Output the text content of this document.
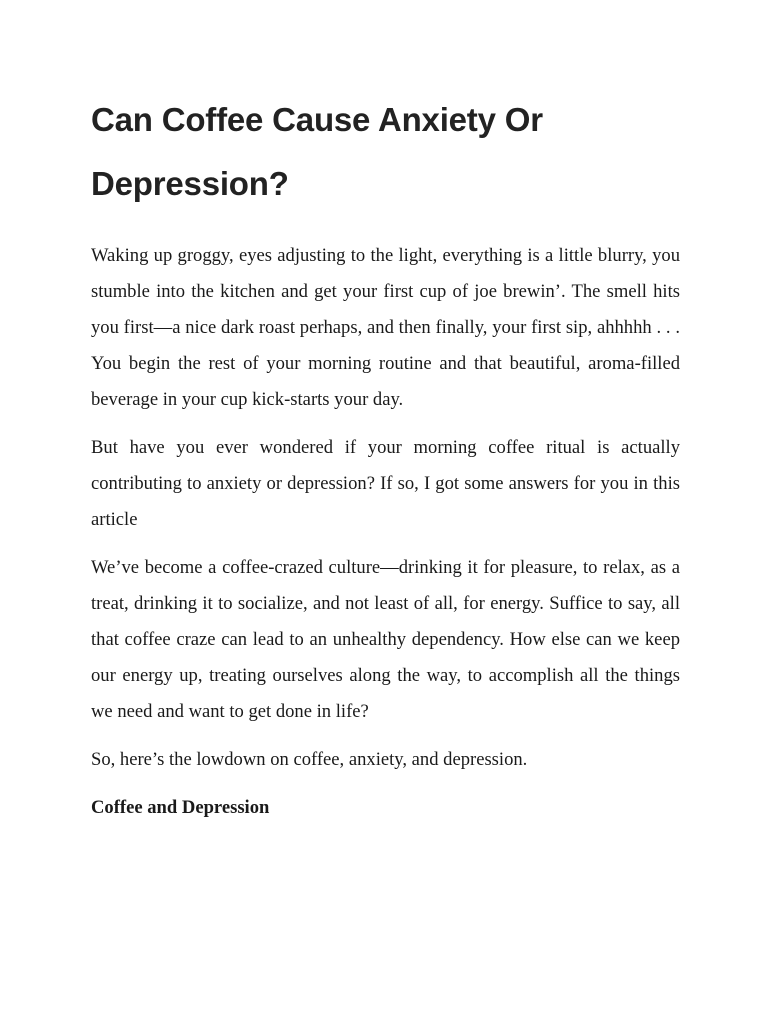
Can Coffee Cause Anxiety Or Depression?

Waking up groggy, eyes adjusting to the light, everything is a little blurry, you stumble into the kitchen and get your first cup of joe brewin’. The smell hits you first—a nice dark roast perhaps, and then finally, your first sip, ahhhhh . . . You begin the rest of your morning routine and that beautiful, aroma-filled beverage in your cup kick-starts your day.

But have you ever wondered if your morning coffee ritual is actually contributing to anxiety or depression? If so, I got some answers for you in this article

We’ve become a coffee-crazed culture—drinking it for pleasure, to relax, as a treat, drinking it to socialize, and not least of all, for energy. Suffice to say, all that coffee craze can lead to an unhealthy dependency. How else can we keep our energy up, treating ourselves along the way, to accomplish all the things we need and want to get done in life?

So, here’s the lowdown on coffee, anxiety, and depression.

Coffee and Depression
